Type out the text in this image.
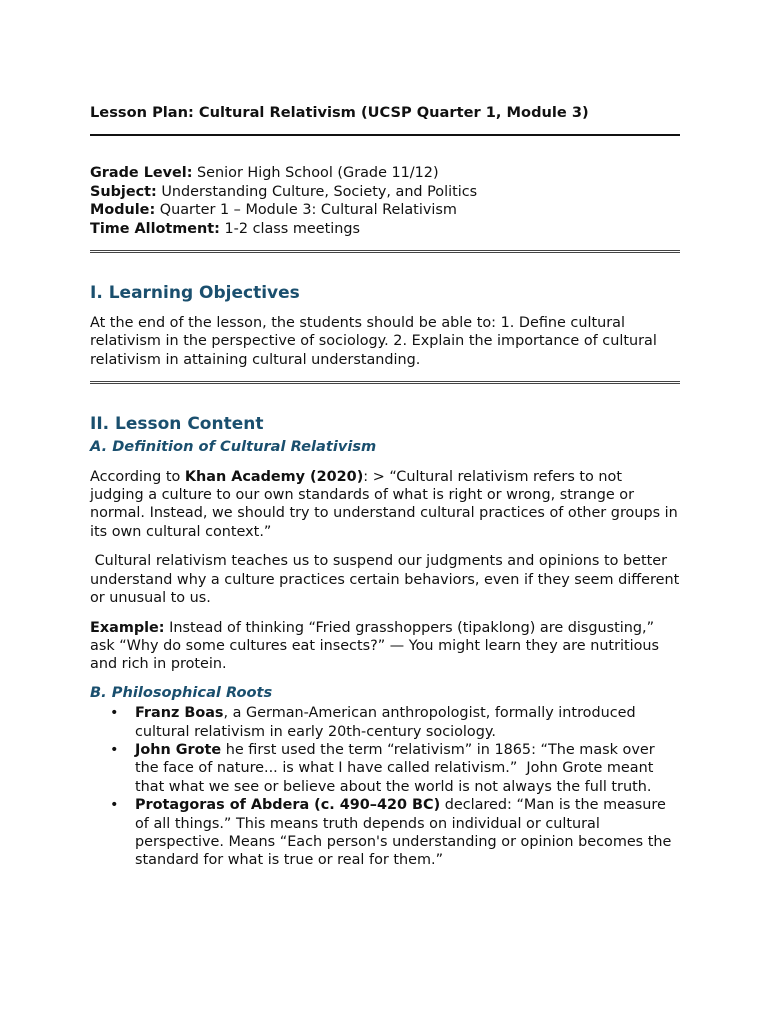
Lesson Plan: Cultural Relativism (UCSP Quarter 1, Module 3)

Grade Level: Senior High School (Grade 11/12)
Subject: Understanding Culture, Society, and Politics
Module: Quarter 1 – Module 3: Cultural Relativism
Time Allotment: 1-2 class meetings
I. Learning Objectives

At the end of the lesson, the students should be able to: 1. Define cultural relativism in the perspective of sociology. 2. Explain the importance of cultural relativism in attaining cultural understanding.

II. Lesson Content
A. Definition of Cultural Relativism

According to Khan Academy (2020): > “Cultural relativism refers to not judging a culture to our own standards of what is right or wrong, strange or normal. Instead, we should try to understand cultural practices of other groups in its own cultural context.”

Cultural relativism teaches us to suspend our judgments and opinions to better understand why a culture practices certain behaviors, even if they seem different or unusual to us.

Example: Instead of thinking “Fried grasshoppers (tipaklong) are disgusting,” ask “Why do some cultures eat insects?” — You might learn they are nutritious and rich in protein.

B. Philosophical Roots
• Franz Boas, a German-American anthropologist, formally introduced cultural relativism in early 20th-century sociology.
• John Grote he first used the term “relativism” in 1865: “The mask over the face of nature... is what I have called relativism.”  John Grote meant that what we see or believe about the world is not always the full truth.
• Protagoras of Abdera (c. 490–420 BC) declared: “Man is the measure of all things.” This means truth depends on individual or cultural perspective. Means “Each person's understanding or opinion becomes the standard for what is true or real for them.”
